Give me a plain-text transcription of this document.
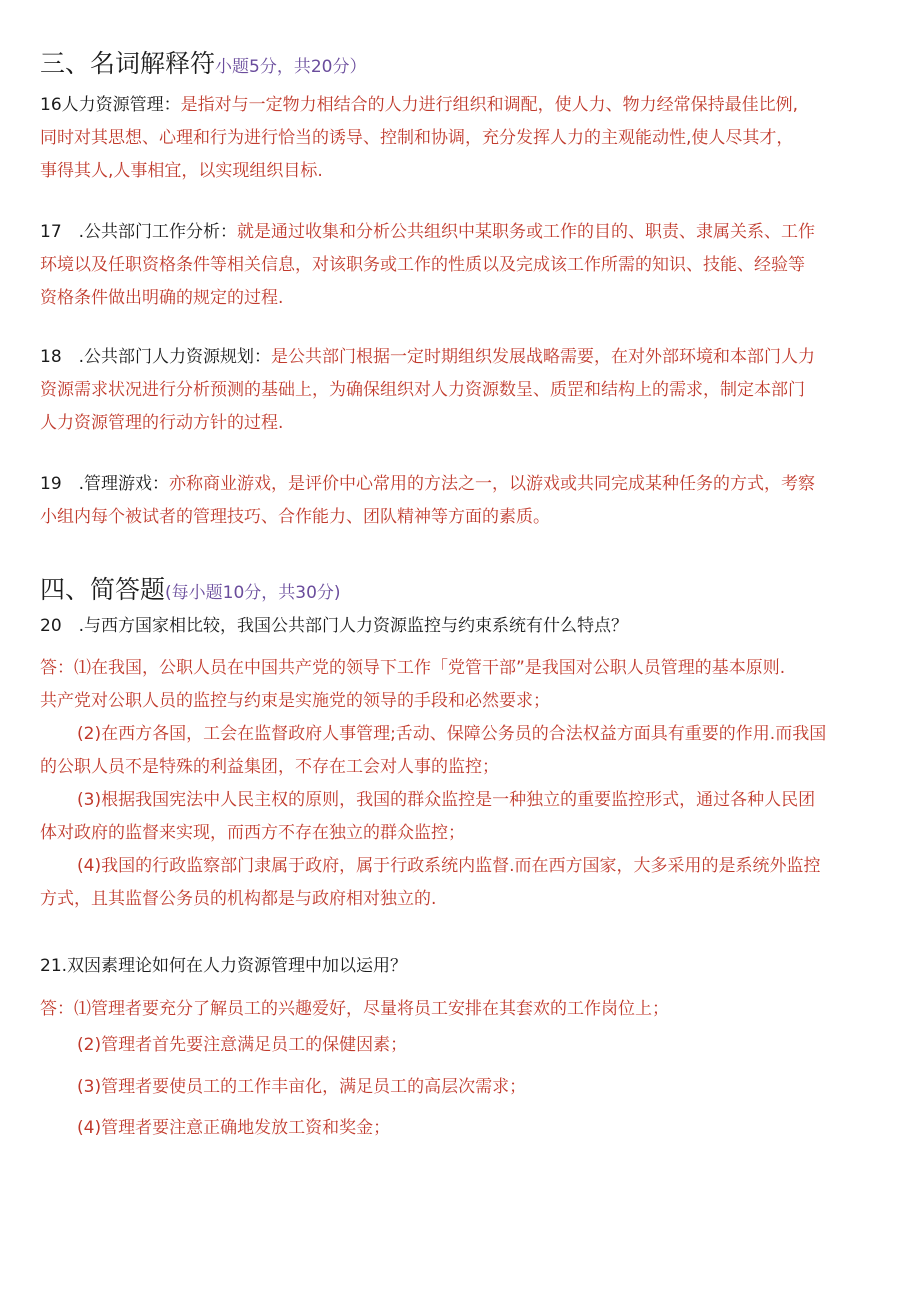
三、名词解释符小题5分，共20分）
16人力资源管理：是指对与一定物力相结合的人力进行组织和调配，使人力、物力经常保持最佳比例,
同时对其思想、心理和行为进行恰当的诱导、控制和协调，充分发挥人力的主观能动性,使人尽其才，
事得其人,人事相宜，以实现组织目标.
17　.公共部门工作分析：就是通过收集和分析公共组织中某职务或工作的目的、职责、隶属关系、工作
环境以及任职资格条件等相关信息，对该职务或工作的性质以及完成该工作所需的知识、技能、经验等
资格条件做出明确的规定的过程.
18　.公共部门人力资源规划：是公共部门根据一定时期组织发展战略需要，在对外部环境和本部门人力
资源需求状况进行分析预测的基础上，为确保组织对人力资源数呈、质罡和结构上的需求，制定本部门
人力资源管理的行动方针的过程.
19　.管理游戏：亦称商业游戏，是评价中心常用的方法之一，以游戏或共同完成某种任务的方式，考察
小组内每个被试者的管理技巧、合作能力、团队精神等方面的素质。
四、简答题(每小题10分，共30分)
20　.与西方国家相比较，我国公共部门人力资源监控与约束系统有什么特点？
答：⑴在我国，公职人员在中国共产党的领导下工作「党管干部”是我国对公职人员管理的基本原则.
共产党对公职人员的监控与约束是实施党的领导的手段和必然要求；
(2)在西方各国，工会在监督政府人事管理;舌动、保障公务员的合法权益方面具有重要的作用.而我国
的公职人员不是特殊的利益集团，不存在工会对人事的监控；
(3)根据我国宪法中人民主权的原则，我国的群众监控是一种独立的重要监控形式，通过各种人民团
体对政府的监督来实现，而西方不存在独立的群众监控；
(4)我国的行政监察部门隶属于政府，属于行政系统内监督.而在西方国家，大多采用的是系统外监控
方式，且其监督公务员的机构都是与政府相对独立的.
21.双因素理论如何在人力资源管理中加以运用？
答：⑴管理者要充分了解员工的兴趣爱好，尽量将员工安排在其套欢的工作岗位上；
(2)管理者首先要注意满足员工的保健因素；
(3)管理者要使员工的工作丰亩化，满足员工的高层次需求；
(4)管理者要注意正确地发放工资和奖金；
